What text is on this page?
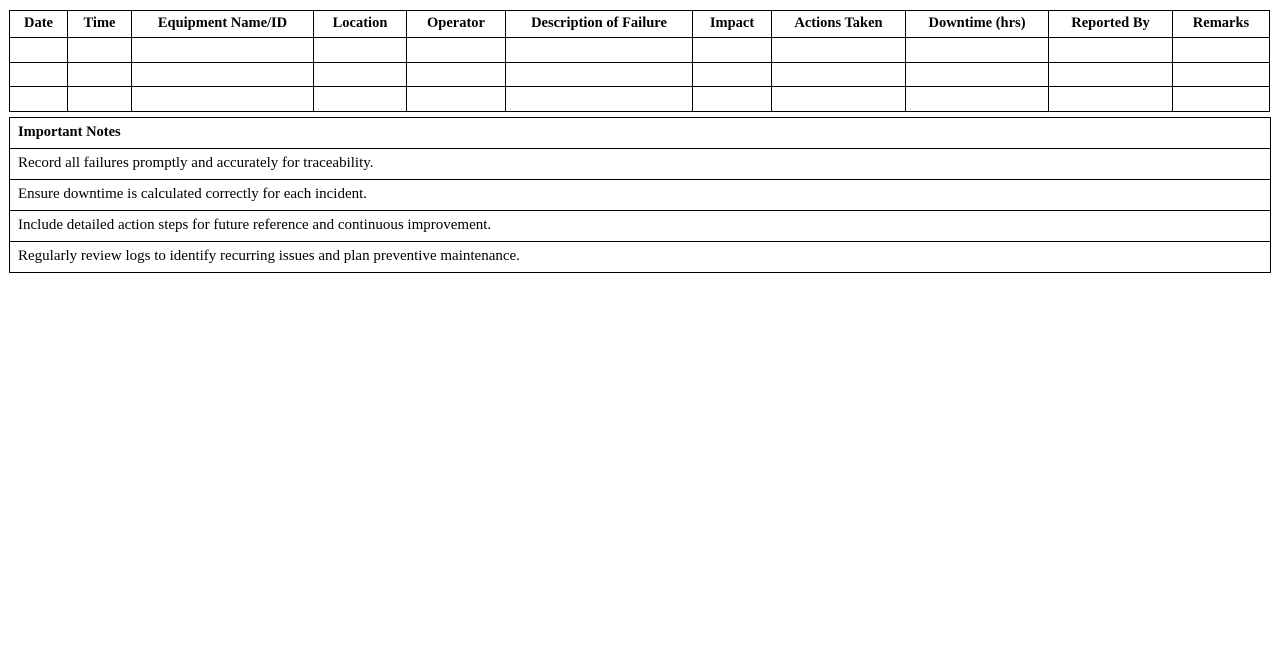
Date	Time	Equipment Name/ID	Location	Operator	Description of Failure	Impact	Actions Taken	Downtime (hrs)	Reported By	Remarks

Important Notes
Record all failures promptly and accurately for traceability.
Ensure downtime is calculated correctly for each incident.
Include detailed action steps for future reference and continuous improvement.
Regularly review logs to identify recurring issues and plan preventive maintenance.
